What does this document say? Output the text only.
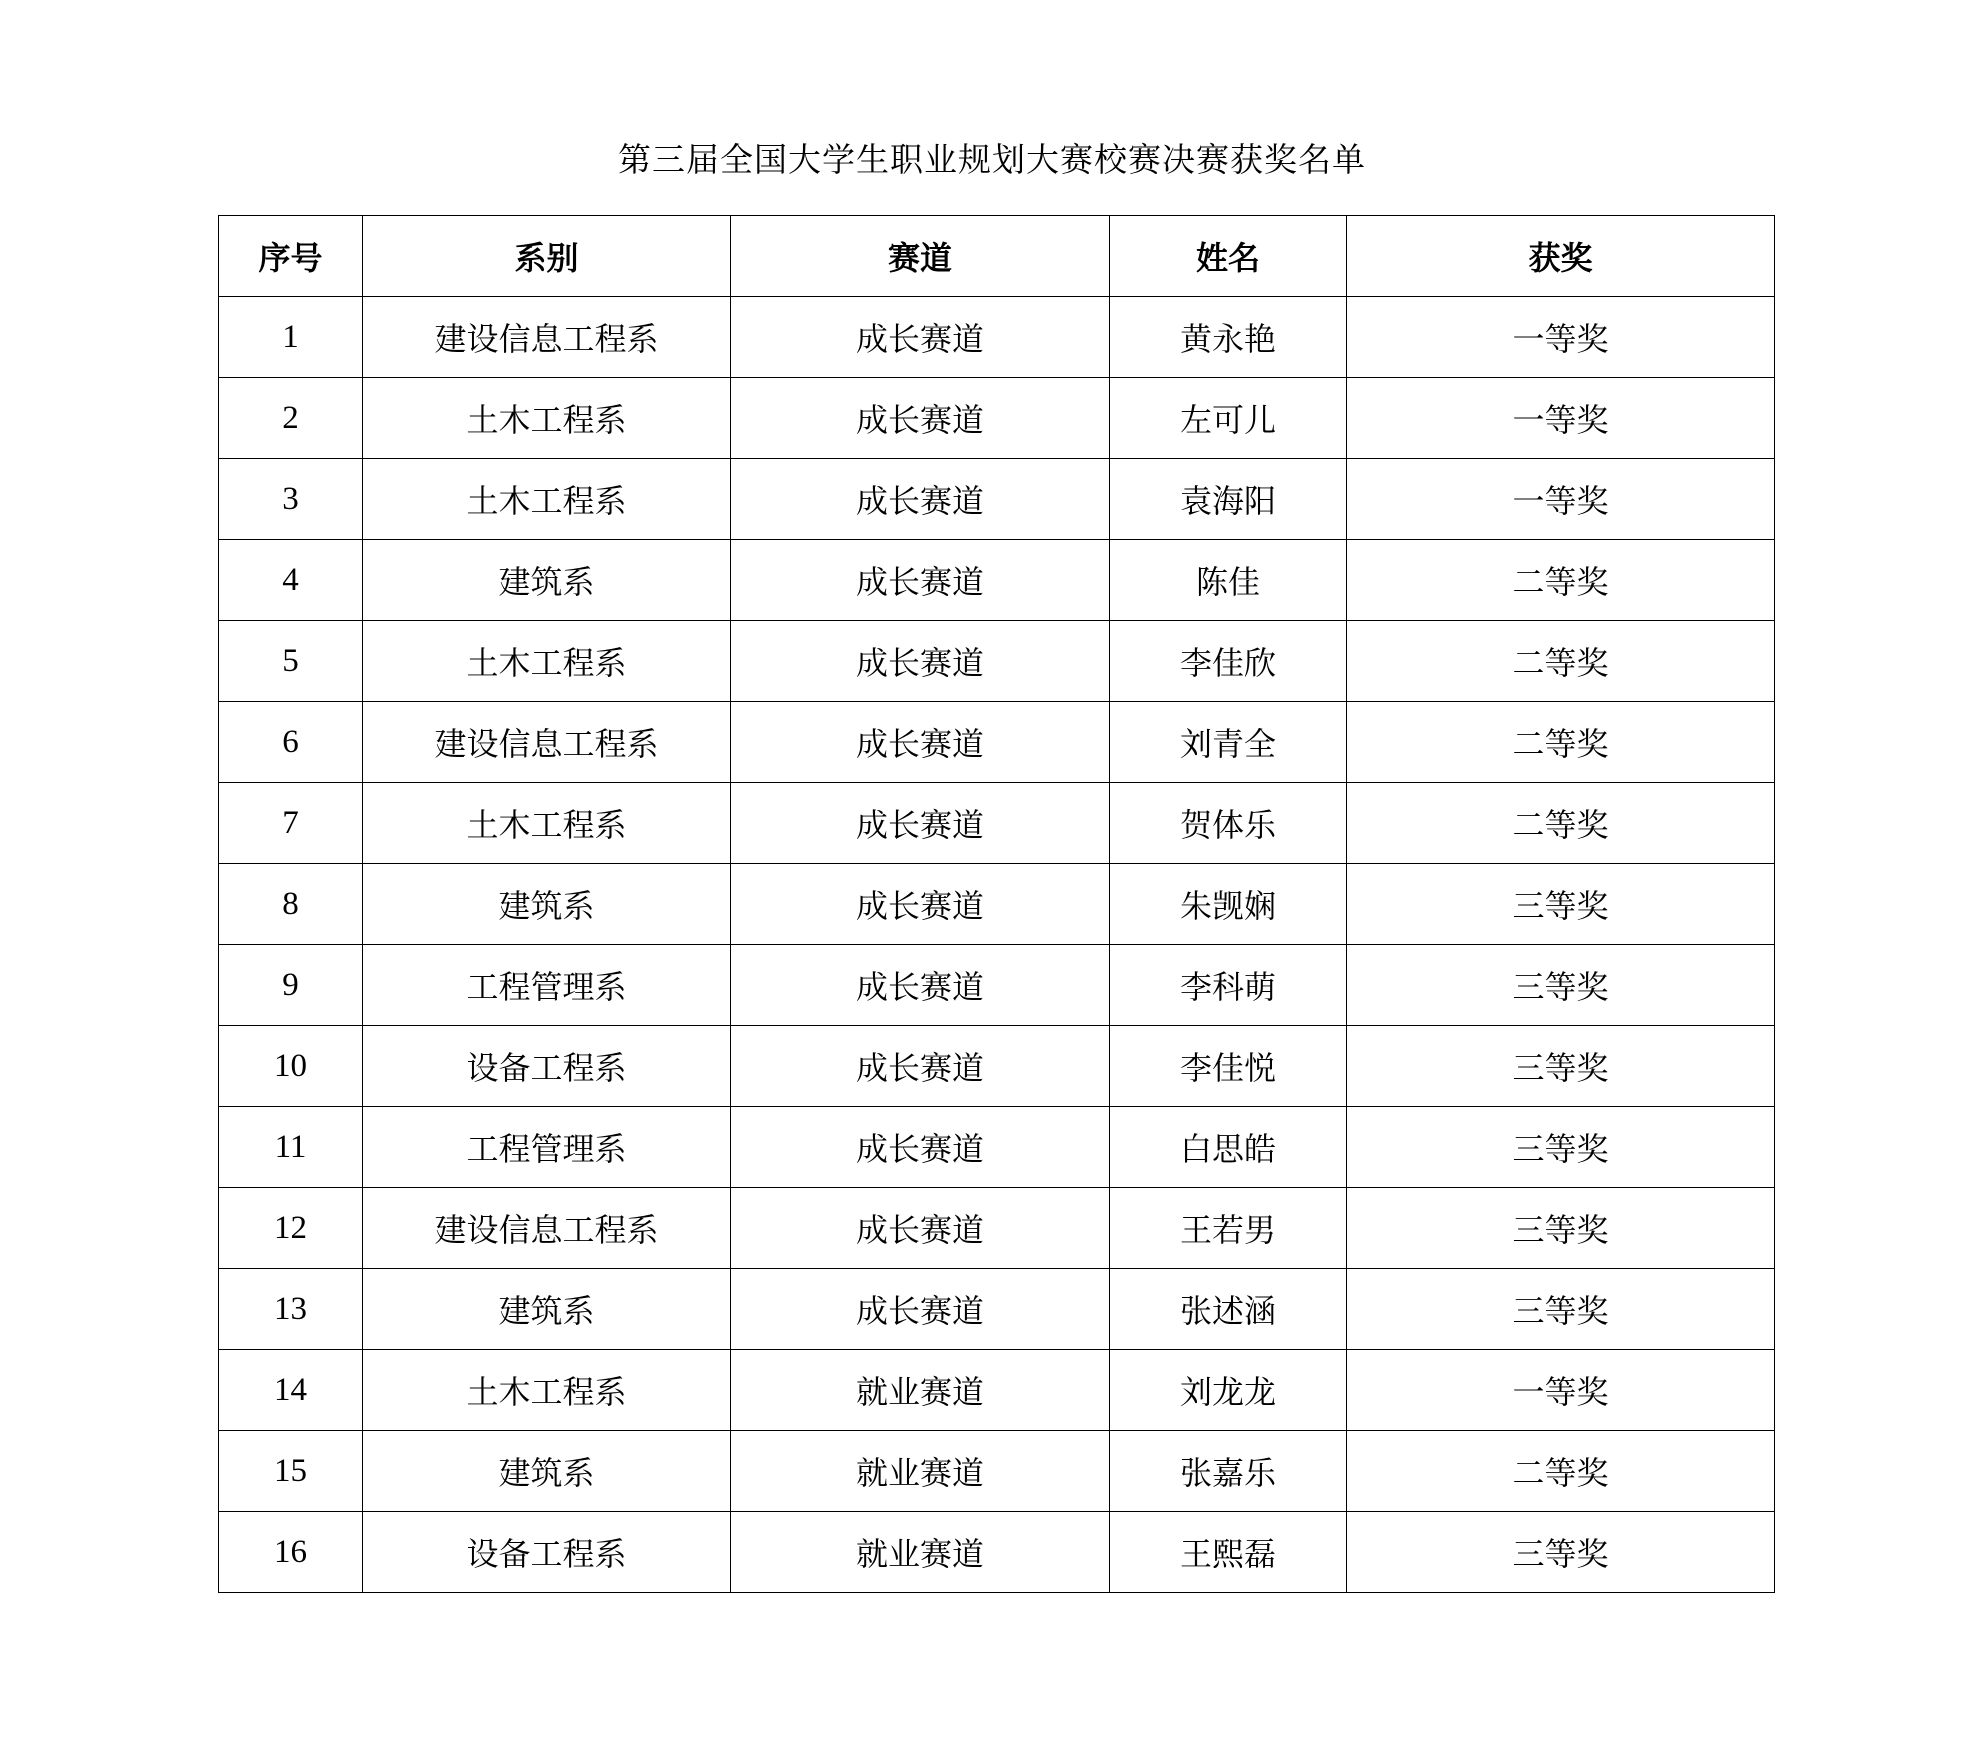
第三届全国大学生职业规划大赛校赛决赛获奖名单
序号	系别	赛道	姓名	获奖
1	建设信息工程系	成长赛道	黄永艳	一等奖
2	土木工程系	成长赛道	左可儿	一等奖
3	土木工程系	成长赛道	袁海阳	一等奖
4	建筑系	成长赛道	陈佳	二等奖
5	土木工程系	成长赛道	李佳欣	二等奖
6	建设信息工程系	成长赛道	刘青全	二等奖
7	土木工程系	成长赛道	贺体乐	二等奖
8	建筑系	成长赛道	朱觊娴	三等奖
9	工程管理系	成长赛道	李科萌	三等奖
10	设备工程系	成长赛道	李佳悦	三等奖
11	工程管理系	成长赛道	白思皓	三等奖
12	建设信息工程系	成长赛道	王若男	三等奖
13	建筑系	成长赛道	张述涵	三等奖
14	土木工程系	就业赛道	刘龙龙	一等奖
15	建筑系	就业赛道	张嘉乐	二等奖
16	设备工程系	就业赛道	王熙磊	三等奖
